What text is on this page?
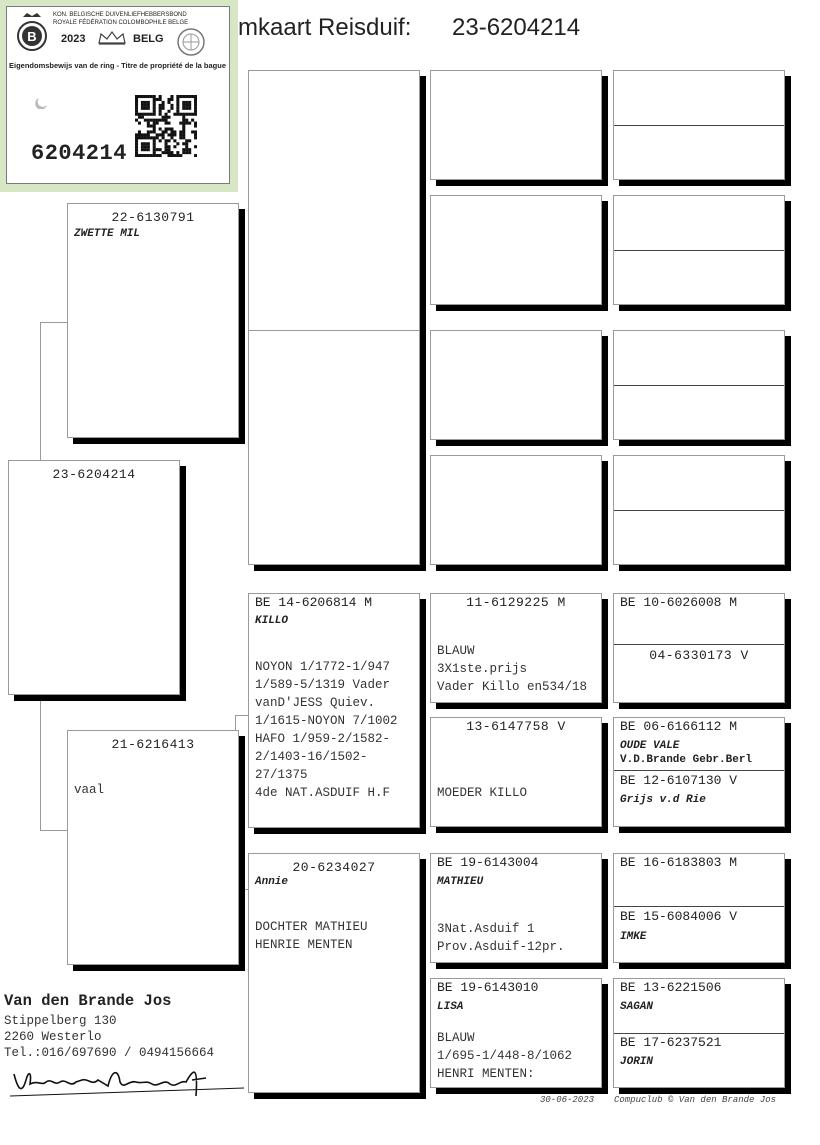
mkaart Reisduif: 23-6204214
B
KON. BELGISCHE DUIVENLIEFHEBBERSBOND
ROYALE FÉDÉRATION COLOMBOPHILE BELGE
2023	BELG
Eigendomsbewijs van de ring - Titre de propriété de la bague
6204214
23-6204214
22-6130791
ZWETTE MIL
21-6216413
vaal
BE 14-6206814 M
KILLO
NOYON 1/1772-1/947
1/589-5/1319 Vader
vanD'JESS Quiev.
1/1615-NOYON 7/1002
HAFO 1/959-2/1582-
2/1403-16/1502-
27/1375
4de NAT.ASDUIF H.F
20-6234027
Annie
DOCHTER MATHIEU
HENRIE MENTEN
11-6129225 M
BLAUW
3X1ste.prijs
Vader Killo en534/18
13-6147758 V
MOEDER KILLO
BE 19-6143004
MATHIEU
3Nat.Asduif 1
Prov.Asduif-12pr.
BE 19-6143010
LISA
BLAUW
1/695-1/448-8/1062
HENRI MENTEN:
BE 10-6026008 M
04-6330173 V
BE 06-6166112 M
OUDE VALE
V.D.Brande Gebr.Berl
BE 12-6107130 V
Grijs v.d Rie
BE 16-6183803 M
BE 15-6084006 V
IMKE
BE 13-6221506
SAGAN
BE 17-6237521
JORIN
Van den Brande Jos
Stippelberg 130
2260 Westerlo
Tel.:016/697690 / 0494156664
30-06-2023 Compuclub © Van den Brande Jos
